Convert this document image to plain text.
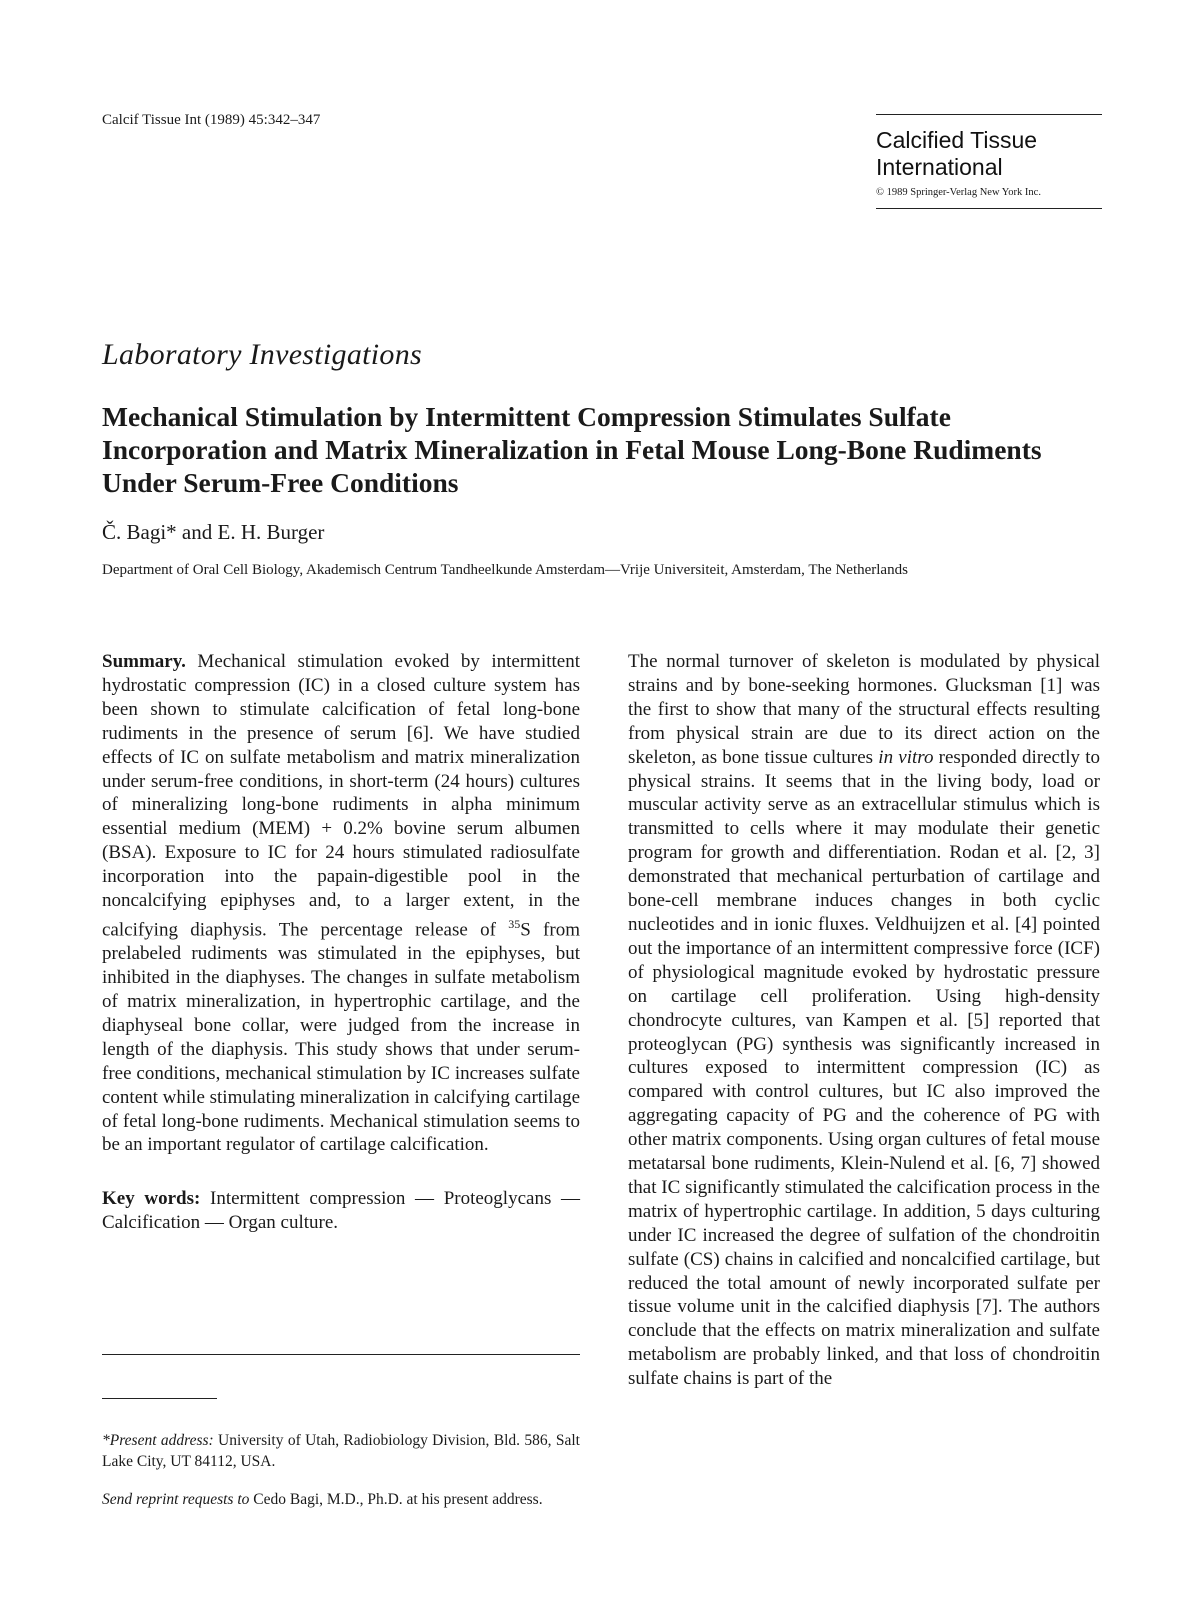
Calcif Tissue Int (1989) 45:342–347
Calcified Tissue
International
© 1989 Springer-Verlag New York Inc.
Laboratory Investigations
Mechanical Stimulation by Intermittent Compression Stimulates Sulfate Incorporation and Matrix Mineralization in Fetal Mouse Long-Bone Rudiments Under Serum-Free Conditions
Č. Bagi* and E. H. Burger
Department of Oral Cell Biology, Akademisch Centrum Tandheelkunde Amsterdam—Vrije Universiteit, Amsterdam, The Netherlands

Summary. Mechanical stimulation evoked by intermittent hydrostatic compression (IC) in a closed culture system has been shown to stimulate calcification of fetal long-bone rudiments in the presence of serum [6]. We have studied effects of IC on sulfate metabolism and matrix mineralization under serum-free conditions, in short-term (24 hours) cultures of mineralizing long-bone rudiments in alpha minimum essential medium (MEM) + 0.2% bovine serum albumen (BSA). Exposure to IC for 24 hours stimulated radiosulfate incorporation into the papain-digestible pool in the noncalcifying epiphyses and, to a larger extent, in the calcifying diaphysis. The percentage release of $^{35}$S from prelabeled rudiments was stimulated in the epiphyses, but inhibited in the diaphyses. The changes in sulfate metabolism of matrix mineralization, in hypertrophic cartilage, and the diaphyseal bone collar, were judged from the increase in length of the diaphysis. This study shows that under serum-free conditions, mechanical stimulation by IC increases sulfate content while stimulating mineralization in calcifying cartilage of fetal long-bone rudiments. Mechanical stimulation seems to be an important regulator of cartilage calcification.

Key words: Intermittent compression — Proteoglycans — Calcification — Organ culture.

*Present address: University of Utah, Radiobiology Division, Bld. 586, Salt Lake City, UT 84112, USA.
Send reprint requests to Cedo Bagi, M.D., Ph.D. at his present address.

The normal turnover of skeleton is modulated by physical strains and by bone-seeking hormones. Glucksman [1] was the first to show that many of the structural effects resulting from physical strain are due to its direct action on the skeleton, as bone tissue cultures in vitro responded directly to physical strains. It seems that in the living body, load or muscular activity serve as an extracellular stimulus which is transmitted to cells where it may modulate their genetic program for growth and differentiation. Rodan et al. [2, 3] demonstrated that mechanical perturbation of cartilage and bone-cell membrane induces changes in both cyclic nucleotides and in ionic fluxes. Veldhuijzen et al. [4] pointed out the importance of an intermittent compressive force (ICF) of physiological magnitude evoked by hydrostatic pressure on cartilage cell proliferation. Using high-density chondrocyte cultures, van Kampen et al. [5] reported that proteoglycan (PG) synthesis was significantly increased in cultures exposed to intermittent compression (IC) as compared with control cultures, but IC also improved the aggregating capacity of PG and the coherence of PG with other matrix components. Using organ cultures of fetal mouse metatarsal bone rudiments, Klein-Nulend et al. [6, 7] showed that IC significantly stimulated the calcification process in the matrix of hypertrophic cartilage. In addition, 5 days culturing under IC increased the degree of sulfation of the chondroitin sulfate (CS) chains in calcified and noncalcified cartilage, but reduced the total amount of newly incorporated sulfate per tissue volume unit in the calcified diaphysis [7]. The authors conclude that the effects on matrix mineralization and sulfate metabolism are probably linked, and that loss of chondroitin sulfate chains is part of the
